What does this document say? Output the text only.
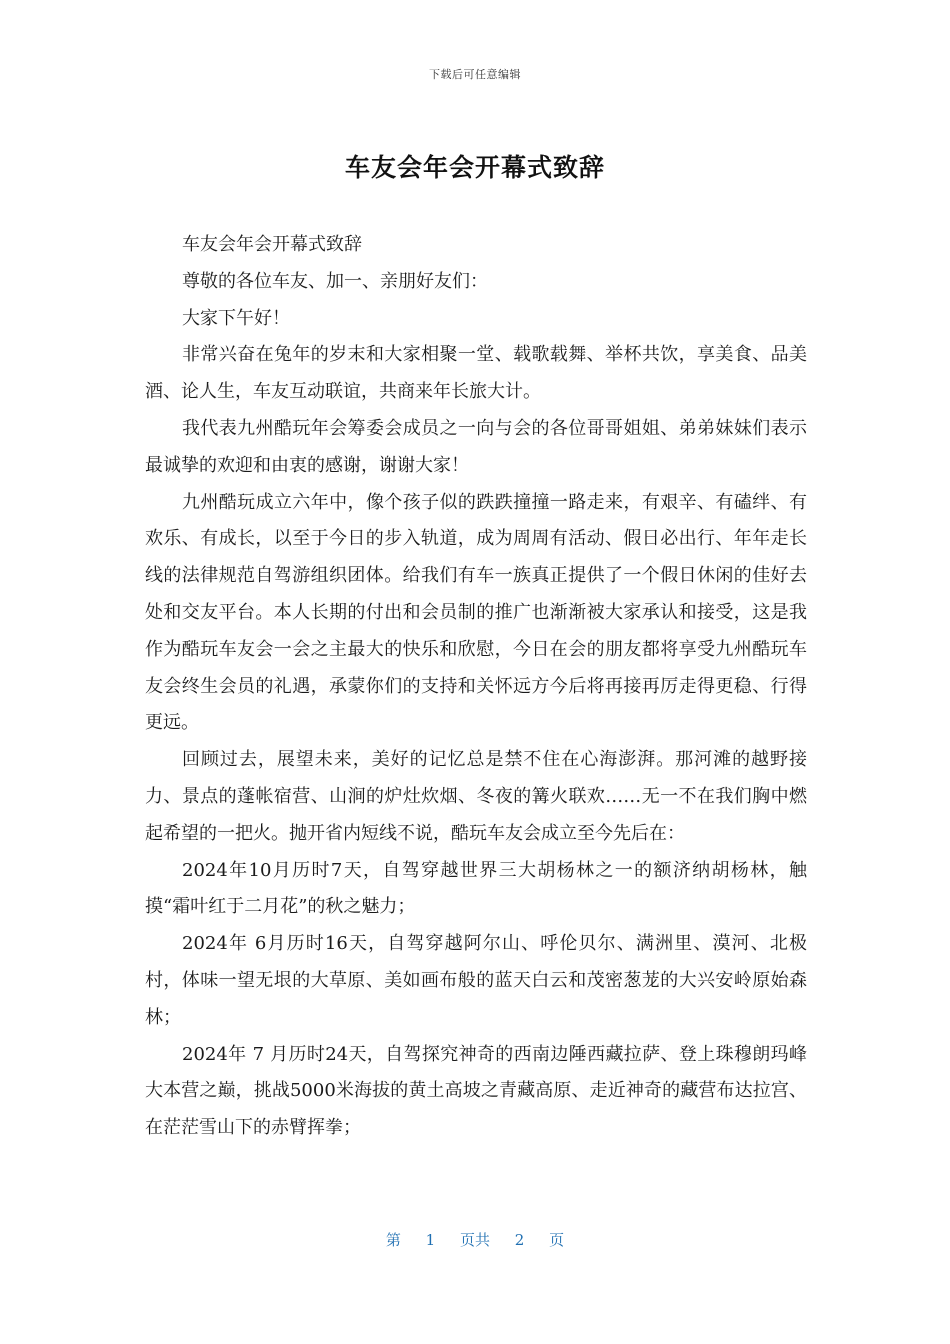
下载后可任意编辑
车友会年会开幕式致辞

车友会年会开幕式致辞

尊敬的各位车友、加一、亲朋好友们：

大家下午好！

非常兴奋在兔年的岁末和大家相聚一堂、载歌载舞、举杯共饮，享美食、品美酒、论人生，车友互动联谊，共商来年长旅大计。

我代表九州酷玩年会筹委会成员之一向与会的各位哥哥姐姐、弟弟妹妹们表示最诚挚的欢迎和由衷的感谢，谢谢大家！

九州酷玩成立六年中，像个孩子似的跌跌撞撞一路走来，有艰辛、有磕绊、有欢乐、有成长，以至于今日的步入轨道，成为周周有活动、假日必出行、年年走长线的法律规范自驾游组织团体。给我们有车一族真正提供了一个假日休闲的佳好去处和交友平台。本人长期的付出和会员制的推广也渐渐被大家承认和接受，这是我作为酷玩车友会一会之主最大的快乐和欣慰，今日在会的朋友都将享受九州酷玩车友会终生会员的礼遇，承蒙你们的支持和关怀远方今后将再接再厉走得更稳、行得更远。

回顾过去，展望未来，美好的记忆总是禁不住在心海澎湃。那河滩的越野接力、景点的蓬帐宿营、山涧的炉灶炊烟、冬夜的篝火联欢……无一不在我们胸中燃起希望的一把火。抛开省内短线不说，酷玩车友会成立至今先后在：

2024年10月历时7天，自驾穿越世界三大胡杨林之一的额济纳胡杨林，触摸“霜叶红于二月花”的秋之魅力；

2024年 6月历时16天，自驾穿越阿尔山、呼伦贝尔、满洲里、漠河、北极村，体味一望无垠的大草原、美如画布般的蓝天白云和茂密葱茏的大兴安岭原始森林；

2024年 7 月历时24天，自驾探究神奇的西南边陲西藏拉萨、登上珠穆朗玛峰大本营之巅，挑战5000米海拔的黄土高坡之青藏高原、走近神奇的藏营布达拉宫、在茫茫雪山下的赤臂挥拳；

第 1 页共 2 页
